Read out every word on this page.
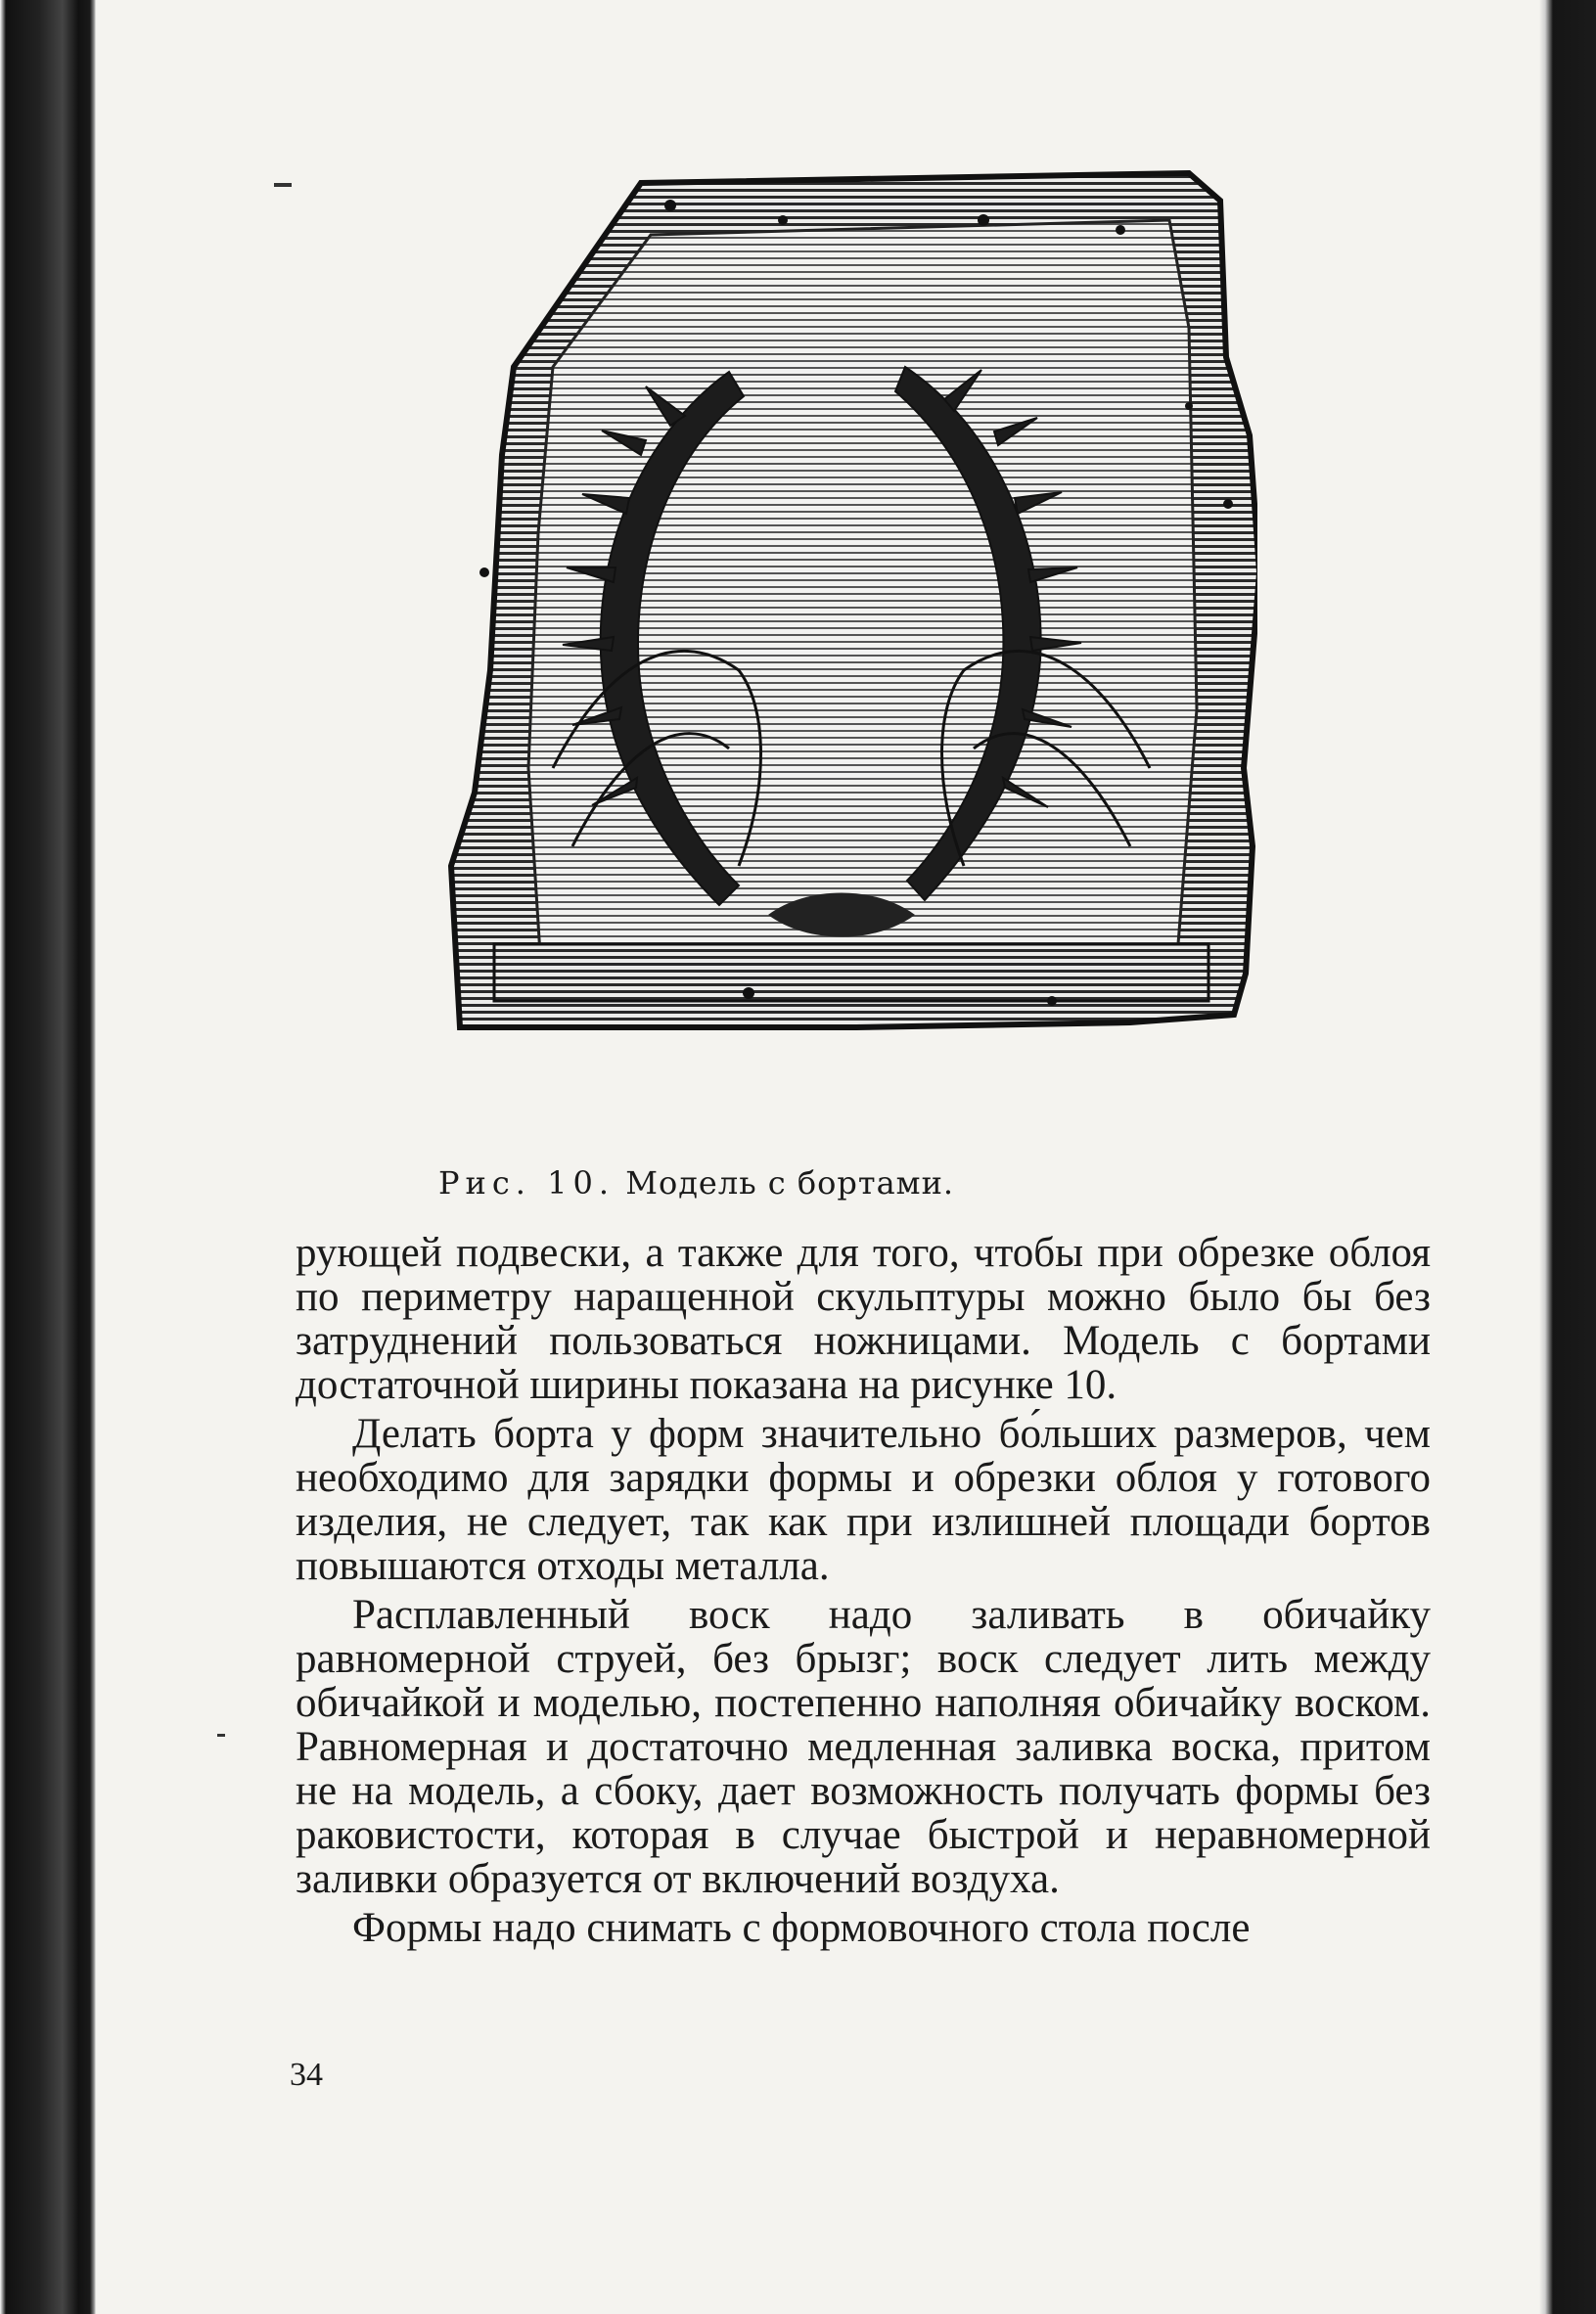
Рис. 10. Модель с бортами.

рующей подвески, а также для того, чтобы при обрезке облоя по периметру наращенной скульптуры можно было бы без затруднений пользоваться ножницами. Модель с бортами достаточной ширины показана на рисунке 10.

Делать борта у форм значительно бо́льших размеров, чем необходимо для зарядки формы и обрезки облоя у готового изделия, не следует, так как при излишней площади бортов повышаются отходы металла.

Расплавленный воск надо заливать в обичайку равномерной струей, без брызг; воск следует лить между обичайкой и моделью, постепенно наполняя обичайку воском. Равномерная и достаточно медленная заливка воска, притом не на модель, а сбоку, дает возможность получать формы без раковистости, которая в случае быстрой и неравномерной заливки образуется от включений воздуха.

Формы надо снимать с формовочного стола после

34
